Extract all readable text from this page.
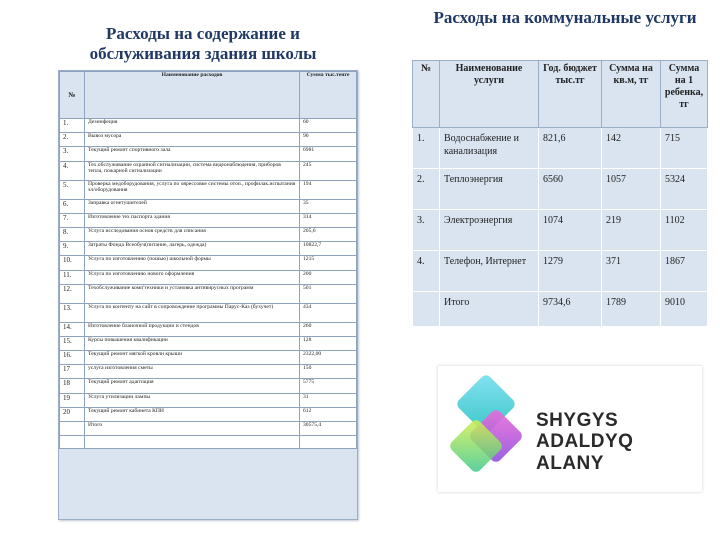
Расходы на содержание и обслуживания здания школы
Расходы на коммунальные услуги
№	Наименование расходов	Сумма тыс.тенге
1.	Дезинфеция	60
2.	Вывоз мусора	90
3.	Текущий ремонт спортивного зала	6981
4.	Тех.обслуживание охранной сигнализации, система видеонаблюдения, приборов тепла, пожарной сигнализации	245
5.	Проверка медоборудования, услуга по оярессовке системы отоп., профилак.испытания эл/оборудования	194
6.	Заправка огнетушителей	35
7.	Изготовление тех паспорта здания	314
8.	Услуга исследования основ средств для списания	205,6
9.	Затраты Фонда Всеобуч(питание, лагерь, одежда)	10822,7
10.	Услуга по изготовлению (пошью) школьной формы	1215
11.	Услуга по изготовлению нового оформления	200
12.	Техобслуживание комп'техники и установка антивирусных программ	501
13.	Услуга по контенту на сайт в сопровождение программы Парус-Каз (бухучет)	434
14.	Изготовление бланочной продукции и стендов	260
15.	Курсы повышения квалификации	128
16.	Текущий ремонт мягкой кровли крыши	2322,00
17	услуга изготовления сметы	150
18	Текущий ремонт адаптация	5775
19	Услуга утилизации лампы	31
20	Текущий ремонт кабинета КПИ	612
	Итого	30575,4

№	Наименование услуги	Год. бюджет тыс.тг	Сумма на кв.м, тг	Сумма на 1 ребенка, тг
1.	Водоснабжение и канализация	821,6	142	715
2.	Теплоэнергия	6560	1057	5324
3.	Электроэнергия	1074	219	1102
4.	Телефон, Интернет	1279	371	1867
	Итого	9734,6	1789	9010
SHYGYS
ADALDYQ ALANY
